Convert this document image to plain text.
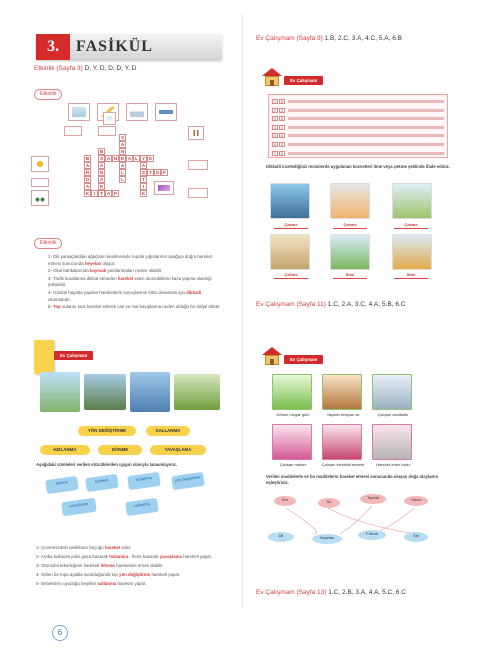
3.	FASİKÜL
Etkinlik (Sayfa 3) D, Y, D, D, D, Y, D
Etkinlik
S
A
B	N
B	S A N D A L Y E
A	A	A	A
R	N	L	S T O F
D	A	L	T
A	K	I
K	I	T A P	K
Etkinlik
1- Dik yamaçlardaki ağaçların kesilmesiyle toprak yığınlarının aşağıya doğru hareket etmesi sonucunda heyelan oluşur.
2- Okul bankalarında kaymak yandanmaları neden olabilir.
3- Trafik kurallarına dikkat etmeden hareket eden otomobillerin kaza yapma olasılığı yüksektir.
4- Günlük hayatta yapılan hareketlerin sonuçlarının kötü olmaması için dikkatli olunmalıdır.
5- Top sularını kuzi hareket ederek can ve mal kayıplarına neden olduğu bir doğal afettir.
Ev Çalışmam
YÖN DEĞİŞTİRME	SALLANMA
HIZLANMA	DÖNME	YAVAŞLAMA
Aşağıdaki cümleleri verilen sözcüklerden uygun olanıyla tamamlayınız.
dönme	hareket	hızlanma	yön değiştirme
yavaşlama	sallanma
1- Çevremizdeki varlıkların birçoğu hareket eder.
2- Araba kullanan polis gaza basarak hızlanma , frene basarak yavaşlama hareketi yapar.
3- Otomobil tekerleğinin hareketi dönme hareketine örnek olabilir.
4- Gelen bir topa ayakla vurulduğunda top yön değiştirme hareketi yapar.
5- Bebeklerin uyuduğu beşikler sallanma hareketi yapar.
6
Ev Çalışmam (Sayfa 9) 1.B, 2.C, 3.A, 4.C, 5.A, 6.B
Ev Çalışmam
1	D
2	D
3	D
4	Y
5	D
6	D
7	D
Dikkatli incelediğiniz resimlerde uygulanan kuvvetleri itme veya çekme şeklinde ifade ediniz.
Çekme	Çekme	Çekme
Çekme	İtme	İtme
Ev Çalışmam (Sayfa 11) 1.C, 2.A, 3.C, 4.A, 5.B, 6.C
Ev Çalışmam
Dönen rüzgâr gülü	Yaydan fırlayan ok	Çalışan vantilatör
Çalışan mikser	Çalışan elektrikli testere	Hareket eden tozlu
Verilen maddelerle ve bu maddelerin hareket etmesi sonucunda oluşan doğa olaylarını eşleştiriniz.
Kar	Su
Toprak	Hava
Dil	Heyelan
Fırtına	Sel
Ev Çalışmam (Sayfa 13) 1.C, 2.B, 3.A, 4.A, 5.C, 6.C
